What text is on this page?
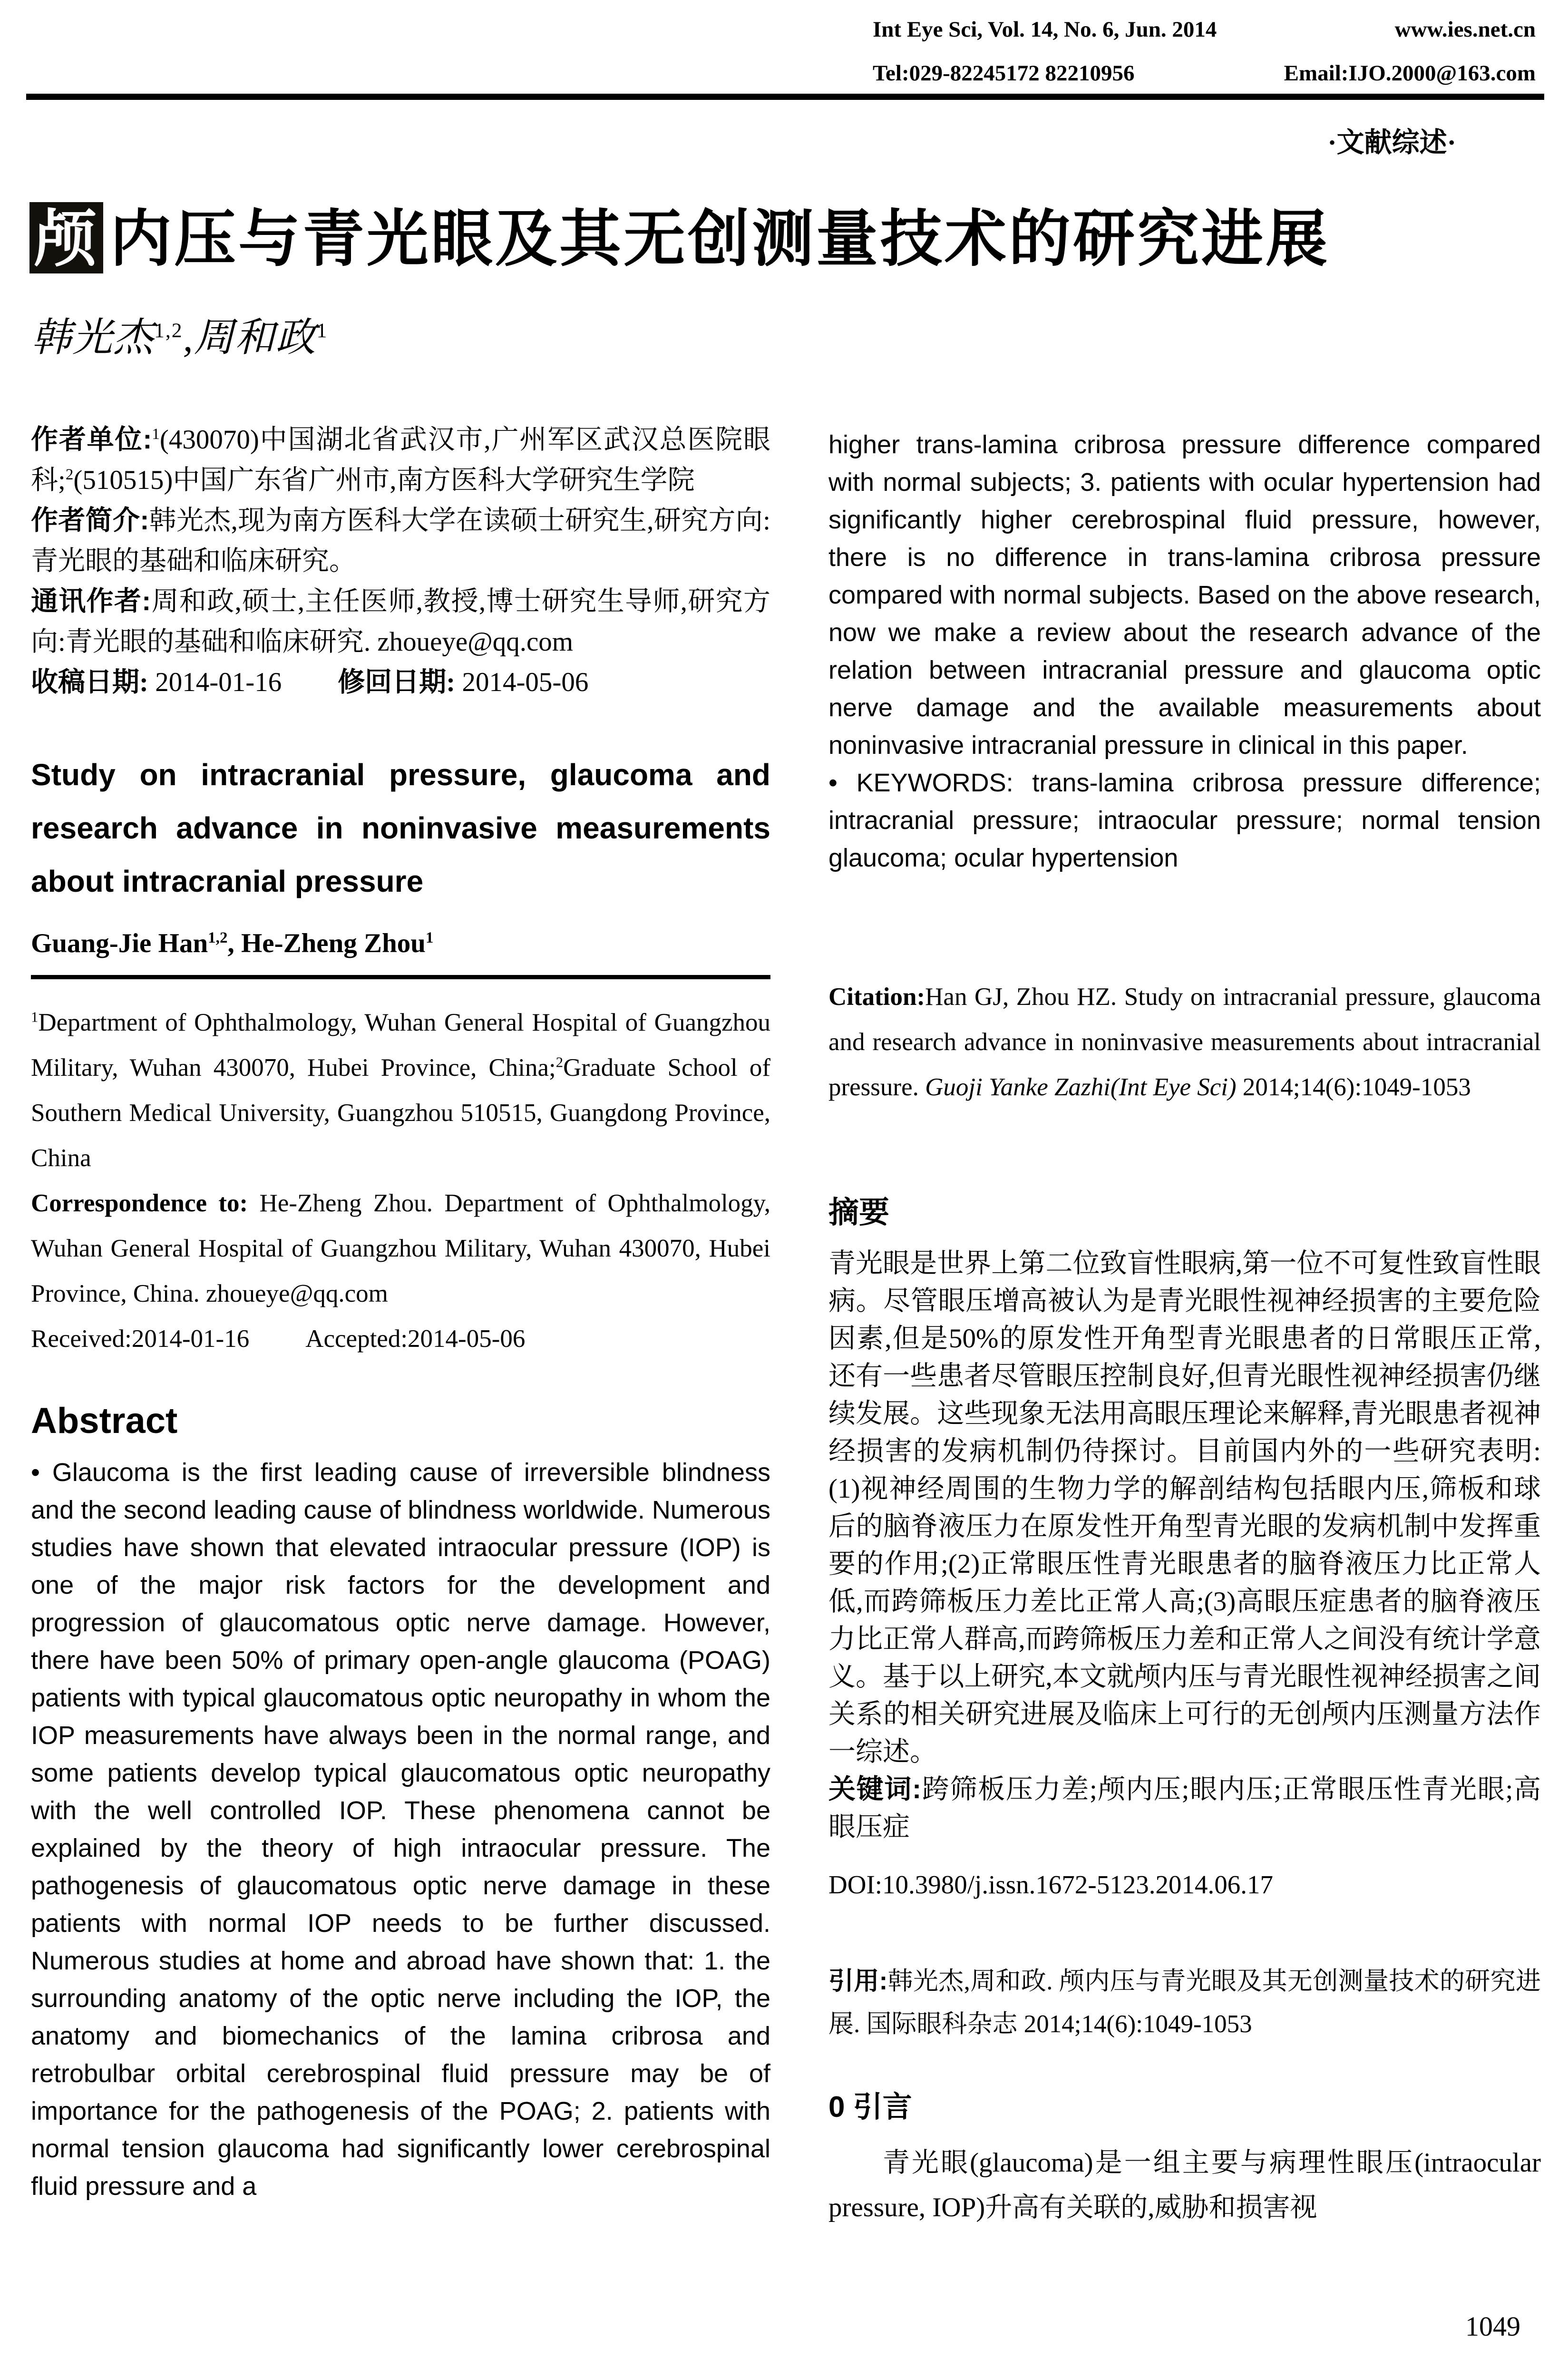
Int Eye Sci, Vol. 14, No. 6, Jun. 2014	www.ies.net.cn
Tel:029-82245172 82210956	Email:IJO.2000@163.com
·文献综述·
颅 内压与青光眼及其无创测量技术的研究进展
韩光杰$^{1,2}$,周和政$^1$

作者单位:$^1$(430070)中国湖北省武汉市,广州军区武汉总医院眼科;$^2$(510515)中国广东省广州市,南方医科大学研究生学院

作者简介:韩光杰,现为南方医科大学在读硕士研究生,研究方向:青光眼的基础和临床研究。

通讯作者:周和政,硕士,主任医师,教授,博士研究生导师,研究方向:青光眼的基础和临床研究. zhoueye@qq.com

收稿日期: 2014-01-16 修回日期: 2014-05-06

Study on intracranial pressure, glaucoma and research advance in noninvasive measurements about intracranial pressure
Guang-Jie Han$^{1,2}$, He-Zheng Zhou$^1$

$^1$Department of Ophthalmology, Wuhan General Hospital of Guangzhou Military, Wuhan 430070, Hubei Province, China;$^2$Graduate School of Southern Medical University, Guangzhou 510515, Guangdong Province, China

Correspondence to: He-Zheng Zhou. Department of Ophthalmology, Wuhan General Hospital of Guangzhou Military, Wuhan 430070, Hubei Province, China. zhoueye@qq.com

Received:2014-01-16 Accepted:2014-05-06

Abstract

• Glaucoma is the first leading cause of irreversible blindness and the second leading cause of blindness worldwide. Numerous studies have shown that elevated intraocular pressure (IOP) is one of the major risk factors for the development and progression of glaucomatous optic nerve damage. However, there have been 50% of primary open-angle glaucoma (POAG) patients with typical glaucomatous optic neuropathy in whom the IOP measurements have always been in the normal range, and some patients develop typical glaucomatous optic neuropathy with the well controlled IOP. These phenomena cannot be explained by the theory of high intraocular pressure. The pathogenesis of glaucomatous optic nerve damage in these patients with normal IOP needs to be further discussed. Numerous studies at home and abroad have shown that: 1. the surrounding anatomy of the optic nerve including the IOP, the anatomy and biomechanics of the lamina cribrosa and retrobulbar orbital cerebrospinal fluid pressure may be of importance for the pathogenesis of the POAG; 2. patients with normal tension glaucoma had significantly lower cerebrospinal fluid pressure and a

higher trans-lamina cribrosa pressure difference compared with normal subjects; 3. patients with ocular hypertension had significantly higher cerebrospinal fluid pressure, however, there is no difference in trans-lamina cribrosa pressure compared with normal subjects. Based on the above research, now we make a review about the research advance of the relation between intracranial pressure and glaucoma optic nerve damage and the available measurements about noninvasive intracranial pressure in clinical in this paper.

• KEYWORDS: trans-lamina cribrosa pressure difference; intracranial pressure; intraocular pressure; normal tension glaucoma; ocular hypertension

Citation:Han GJ, Zhou HZ. Study on intracranial pressure, glaucoma and research advance in noninvasive measurements about intracranial pressure. Guoji Yanke Zazhi(Int Eye Sci) 2014;14(6):1049-1053

摘要

青光眼是世界上第二位致盲性眼病,第一位不可复性致盲性眼病。尽管眼压增高被认为是青光眼性视神经损害的主要危险因素,但是50%的原发性开角型青光眼患者的日常眼压正常,还有一些患者尽管眼压控制良好,但青光眼性视神经损害仍继续发展。这些现象无法用高眼压理论来解释,青光眼患者视神经损害的发病机制仍待探讨。目前国内外的一些研究表明:(1)视神经周围的生物力学的解剖结构包括眼内压,筛板和球后的脑脊液压力在原发性开角型青光眼的发病机制中发挥重要的作用;(2)正常眼压性青光眼患者的脑脊液压力比正常人低,而跨筛板压力差比正常人高;(3)高眼压症患者的脑脊液压力比正常人群高,而跨筛板压力差和正常人之间没有统计学意义。基于以上研究,本文就颅内压与青光眼性视神经损害之间关系的相关研究进展及临床上可行的无创颅内压测量方法作一综述。

关键词:跨筛板压力差;颅内压;眼内压;正常眼压性青光眼;高眼压症

DOI:10.3980/j.issn.1672-5123.2014.06.17

引用:韩光杰,周和政. 颅内压与青光眼及其无创测量技术的研究进展. 国际眼科杂志 2014;14(6):1049-1053

0 引言

青光眼(glaucoma)是一组主要与病理性眼压(intraocular pressure, IOP)升高有关联的,威胁和损害视

1049
